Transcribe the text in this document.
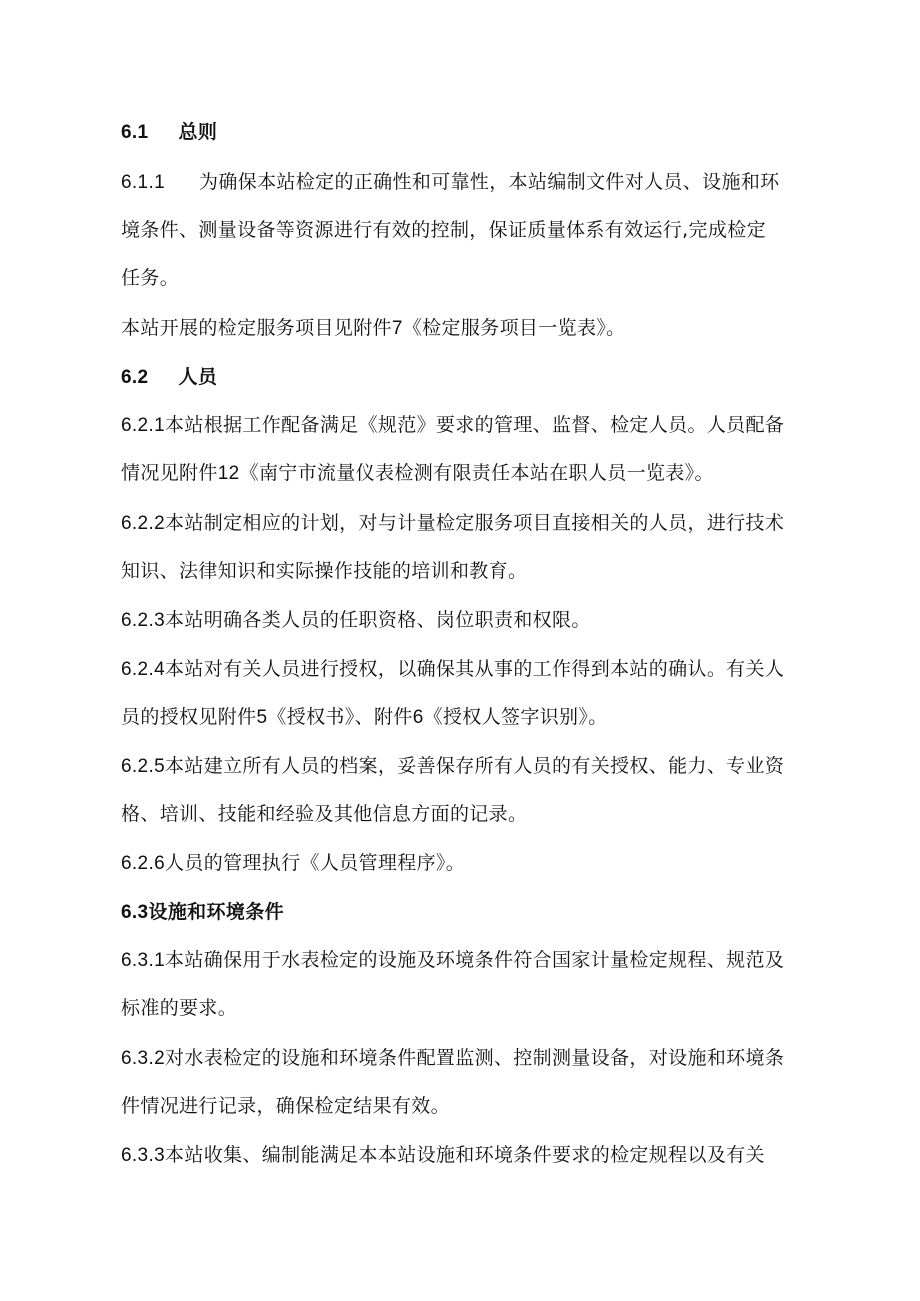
6.1 总则
6.1.1 为确保本站检定的正确性和可靠性，本站编制文件对人员、设施和环
境条件、测量设备等资源进行有效的控制，保证质量体系有效运行,完成检定
任务。
本站开展的检定服务项目见附件7《检定服务项目一览表》。
6.2 人员
6.2.1本站根据工作配备满足《规范》要求的管理、监督、检定人员。人员配备
情况见附件12《南宁市流量仪表检测有限责任本站在职人员一览表》。
6.2.2本站制定相应的计划，对与计量检定服务项目直接相关的人员，进行技术
知识、法律知识和实际操作技能的培训和教育。
6.2.3本站明确各类人员的任职资格、岗位职责和权限。
6.2.4本站对有关人员进行授权，以确保其从事的工作得到本站的确认。有关人
员的授权见附件5《授权书》、附件6《授权人签字识别》。
6.2.5本站建立所有人员的档案，妥善保存所有人员的有关授权、能力、专业资
格、培训、技能和经验及其他信息方面的记录。
6.2.6人员的管理执行《人员管理程序》。
6.3设施和环境条件
6.3.1本站确保用于水表检定的设施及环境条件符合国家计量检定规程、规范及
标准的要求。
6.3.2对水表检定的设施和环境条件配置监测、控制测量设备，对设施和环境条
件情况进行记录，确保检定结果有效。
6.3.3本站收集、编制能满足本本站设施和环境条件要求的检定规程以及有关
